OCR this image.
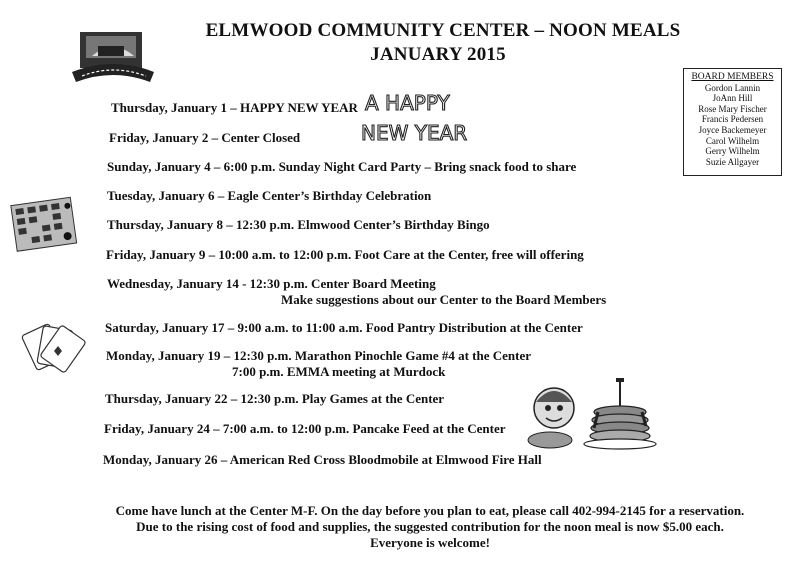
ELMWOOD COMMUNITY CENTER – NOON MEALS
JANUARY 2015
A HAPPY
NEW YEAR
BOARD MEMBERS
Gordon Lannin
JoAnn Hill
Rose Mary Fischer
Francis Pedersen
Joyce Backemeyer
Carol Wilhelm
Gerry Wilhelm
Suzie Allgayer
Thursday, January 1 – HAPPY NEW YEAR
Friday, January 2 – Center Closed
Sunday, January 4 – 6:00 p.m. Sunday Night Card Party – Bring snack food to share
Tuesday, January 6 – Eagle Center’s Birthday Celebration
Thursday, January 8 – 12:30 p.m. Elmwood Center’s Birthday Bingo
Friday, January 9 – 10:00 a.m. to 12:00 p.m. Foot Care at the Center, free will offering
Wednesday, January 14 - 12:30 p.m. Center Board Meeting
Make suggestions about our Center to the Board Members
Saturday, January 17 – 9:00 a.m. to 11:00 a.m. Food Pantry Distribution at the Center
Monday, January 19 – 12:30 p.m. Marathon Pinochle Game #4 at the Center
7:00 p.m. EMMA meeting at Murdock
Thursday, January 22 – 12:30 p.m. Play Games at the Center
Friday, January 24 – 7:00 a.m. to 12:00 p.m. Pancake Feed at the Center
Monday, January 26 – American Red Cross Bloodmobile at Elmwood Fire Hall
Come have lunch at the Center M-F. On the day before you plan to eat, please call 402-994-2145 for a reservation.
Due to the rising cost of food and supplies, the suggested contribution for the noon meal is now $5.00 each.
Everyone is welcome!
